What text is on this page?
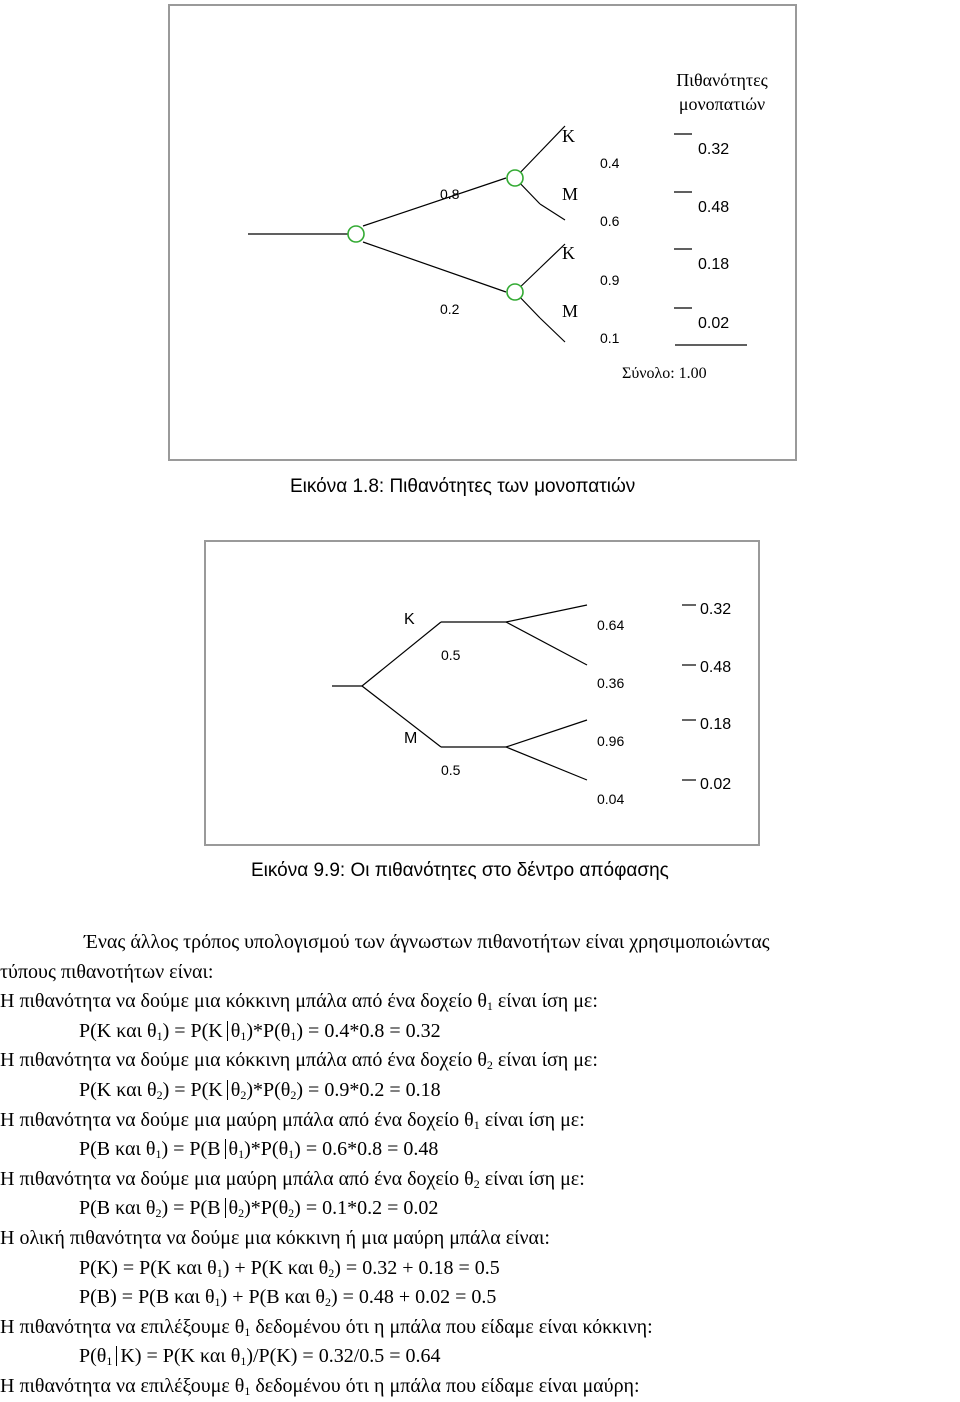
Πιθανότητες
μονοπατιών
Κ
Μ
Κ
Μ
0.8
0.2
0.4
0.6
0.9
0.1
0.32
0.48
0.18
0.02
Σύνολο: 1.00
Εικόνα 1.8: Πιθανότητες των μονοπατιών
Κ
Μ
0.5
0.5
0.64
0.36
0.96
0.04
0.32
0.48
0.18
0.02
Εικόνα 9.9: Οι πιθανότητες στο δέντρο απόφασης
Ένας άλλος τρόπος υπολογισμού των άγνωστων πιθανοτήτων είναι χρησιμοποιώντας
τύπους πιθανοτήτων είναι:
Η πιθανότητα να δούμε μια κόκκινη μπάλα από ένα δοχείο $\theta_1$ είναι ίση με:
P(K και $\theta_1) = P(K$ $\theta_1)*P(\theta_1) = 0.4*0.8 = 0.32$
Η πιθανότητα να δούμε μια κόκκινη μπάλα από ένα δοχείο $\theta_2$ είναι ίση με:
P(K και $\theta_2) = P(K$ $\theta_2)*P(\theta_2) = 0.9*0.2 = 0.18$
Η πιθανότητα να δούμε μια μαύρη μπάλα από ένα δοχείο $\theta_1$ είναι ίση με:
P(B και $\theta_1) = P(B$ $\theta_1)*P(\theta_1) = 0.6*0.8 = 0.48$
Η πιθανότητα να δούμε μια μαύρη μπάλα από ένα δοχείο $\theta_2$ είναι ίση με:
P(B και $\theta_2) = P(B$ $\theta_2)*P(\theta_2) = 0.1*0.2 = 0.02$
Η ολική πιθανότητα να δούμε μια κόκκινη ή μια μαύρη μπάλα είναι:
P(K) = P(K και $\theta_1) + P(K$ και $\theta_2) = 0.32 + 0.18 = 0.5$
P(B) = P(B και $\theta_1) + P(B$ και $\theta_2) = 0.48 + 0.02 = 0.5$
Η πιθανότητα να επιλέξουμε $\theta_1$ δεδομένου ότι η μπάλα που είδαμε είναι κόκκινη:
$P(\theta_1$ K) = P(K και $\theta_1)/P(K) = 0.32/0.5 = 0.64$
Η πιθανότητα να επιλέξουμε $\theta_1$ δεδομένου ότι η μπάλα που είδαμε είναι μαύρη:
